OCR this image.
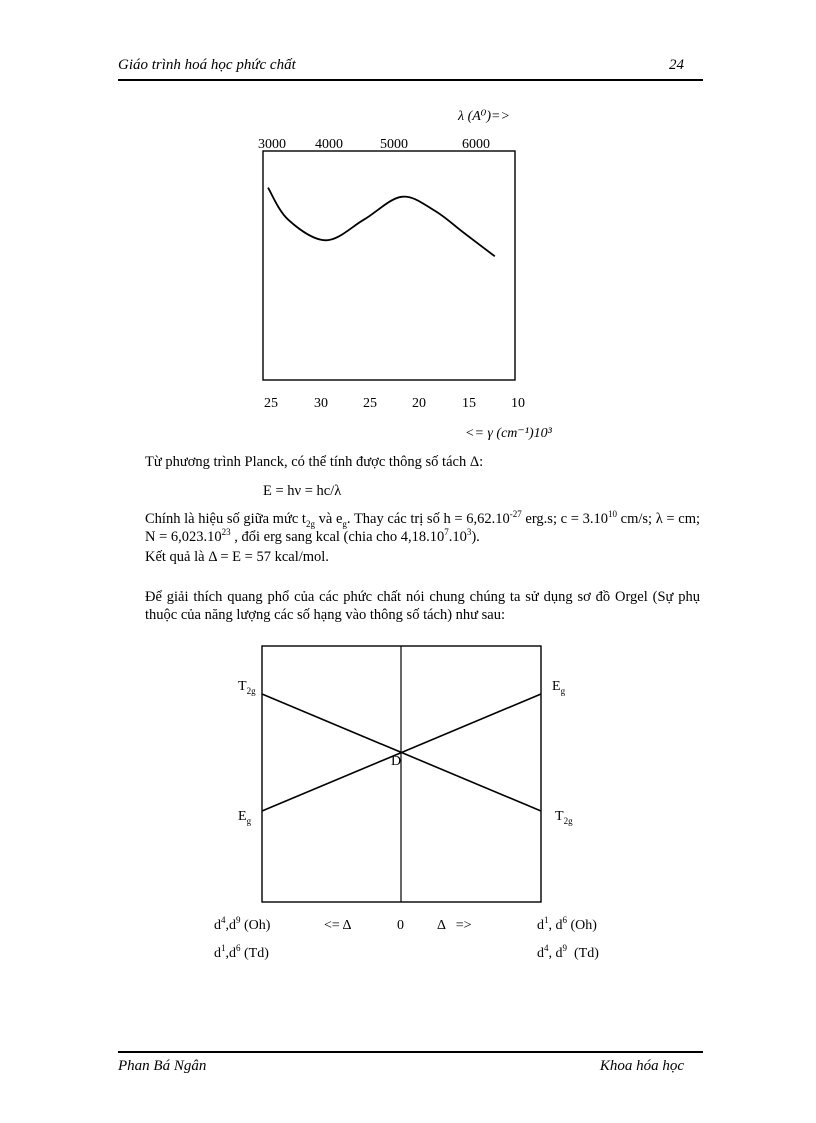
Giáo trình hoá học phức chất	24
λ (A⁰)=>
3000 4000	5000	6000
25	30	25	20	15	10
<= γ (cm⁻¹)10³
Từ phương trình Planck, có thể tính được thông số tách Δ:
E = hν = hc/λ
Chính là hiệu số giữa mức $t_{2g}$ và $e_g$. Thay các trị số $h = 6,62.10^{-27}$ erg.s; $c = 3.10^{10}$ cm/s; λ = cm; $N = 6,023.10^{23}$ , đổi erg sang kcal (chia cho $4,18.10^7.10^3$).
Kết quả là Δ = E = 57 kcal/mol.
Để giải thích quang phổ của các phức chất nói chung chúng ta sử dụng sơ đồ Orgel (Sự phụ thuộc của năng lượng các số hạng vào thông số tách) như sau:
$T_{2g}$	$E_g$
D
$E_g$	$T_{2g}$
$d^4,d^9$ (Oh)	<= Δ	0 Δ   =>	$d^1$, $d^6$ (Oh)
$d^1,d^6$ (Td)	$d^4$, $d^9$  (Td)
Phan Bá Ngân	Khoa hóa học
